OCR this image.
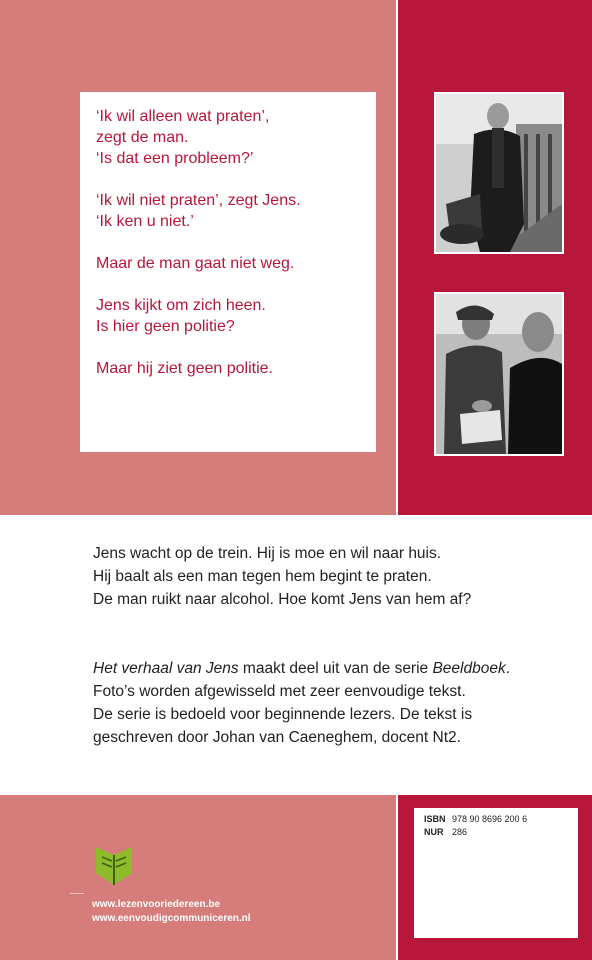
‘Ik wil alleen wat praten’,
zegt de man.
‘Is dat een probleem?’

‘Ik wil niet praten’, zegt Jens.
‘Ik ken u niet.’

Maar de man gaat niet weg.

Jens kijkt om zich heen.
Is hier geen politie?

Maar hij ziet geen politie.

Jens wacht op de trein. Hij is moe en wil naar huis.
Hij baalt als een man tegen hem begint te praten.
De man ruikt naar alcohol. Hoe komt Jens van hem af?

Het verhaal van Jens maakt deel uit van de serie Beeldboek.
Foto’s worden afgewisseld met zeer eenvoudige tekst.
De serie is bedoeld voor beginnende lezers. De tekst is
geschreven door Johan van Caeneghem, docent Nt2.

ISBN 978 90 8696 200 6
NUR 286
www.lezenvooriedereen.be
www.eenvoudigcommuniceren.nl
